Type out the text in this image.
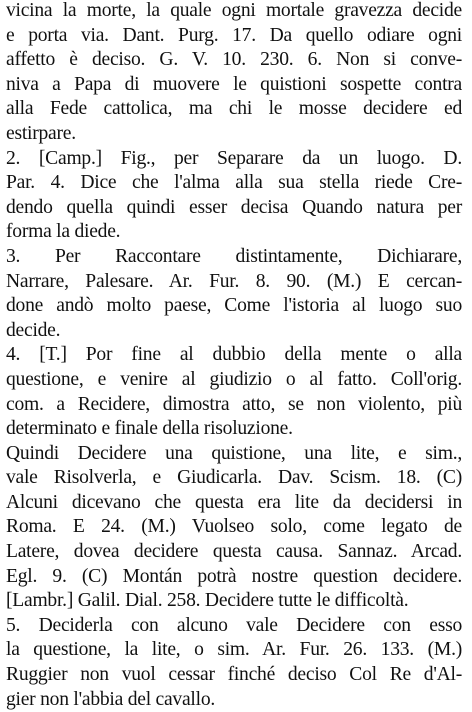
vicina la morte, la quale ogni mortale gravezza decide
e porta via. Dant. Purg. 17. Da quello odiare ogni
affetto è deciso. G. V. 10. 230. 6. Non si conve-
niva a Papa di muovere le quistioni sospette contra
alla Fede cattolica, ma chi le mosse decidere ed
estirpare.
2. [Camp.] Fig., per Separare da un luogo. D.
Par. 4. Dice che l'alma alla sua stella riede Cre-
dendo quella quindi esser decisa Quando natura per
forma la diede.
3. Per Raccontare distintamente, Dichiarare,
Narrare, Palesare. Ar. Fur. 8. 90. (M.) E cercan-
done andò molto paese, Come l'istoria al luogo suo
decide.
4. [T.] Por fine al dubbio della mente o alla
questione, e venire al giudizio o al fatto. Coll'orig.
com. a Recidere, dimostra atto, se non violento, più
determinato e finale della risoluzione.
Quindi Decidere una quistione, una lite, e sim.,
vale Risolverla, e Giudicarla. Dav. Scism. 18. (C)
Alcuni dicevano che questa era lite da decidersi in
Roma. E 24. (M.) Vuolseo solo, come legato de
Latere, dovea decidere questa causa. Sannaz. Arcad.
Egl. 9. (C) Montán potrà nostre question decidere.
[Lambr.] Galil. Dial. 258. Decidere tutte le difficoltà.
5. Deciderla con alcuno vale Decidere con esso
la questione, la lite, o sim. Ar. Fur. 26. 133. (M.)
Ruggier non vuol cessar finché deciso Col Re d'Al-
gier non l'abbia del cavallo.
